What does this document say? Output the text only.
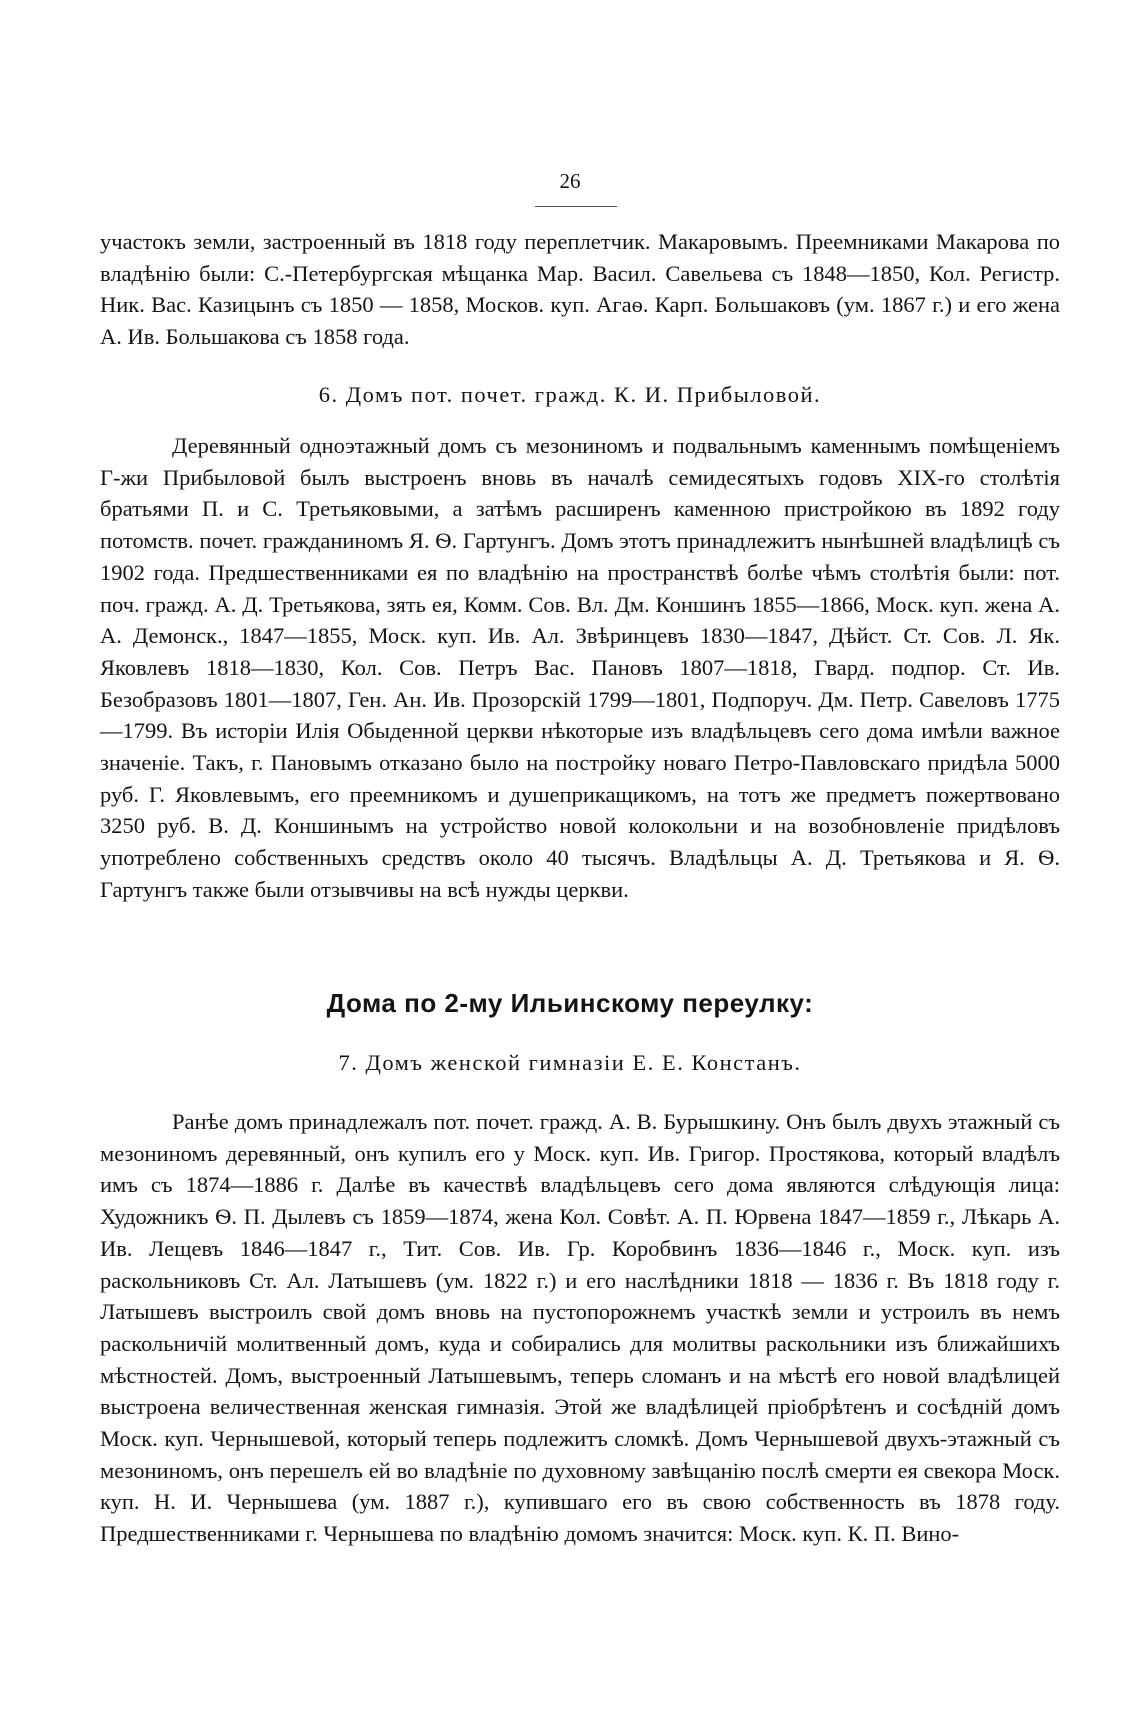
26

участокъ земли, застроенный въ 1818 году переплетчик. Макаровымъ. Преемниками Макарова по владѣнію были: С.-Петербургская мѣщанка Мар. Васил. Савельева съ 1848—1850, Кол. Регистр. Ник. Вас. Казицынъ съ 1850 — 1858, Москов. куп. Агаѳ. Карп. Большаковъ (ум. 1867 г.) и его жена А. Ив. Большакова съ 1858 года.

6. Домъ пот. почет. гражд. К. И. Прибыловой.

Деревянный одноэтажный домъ съ мезониномъ и подвальнымъ каменнымъ помѣщеніемъ Г-жи Прибыловой былъ выстроенъ вновь въ началѣ семидесятыхъ годовъ XIX-го столѣтія братьями П. и С. Третьяковыми, а затѣмъ расширенъ каменною пристройкою въ 1892 году потомств. почет. гражданиномъ Я. Ѳ. Гартунгъ. Домъ этотъ принадлежитъ нынѣшней владѣлицѣ съ 1902 года. Предшественниками ея по владѣнію на пространствѣ болѣе чѣмъ столѣтія были: пот. поч. гражд. А. Д. Третьякова, зять ея, Комм. Сов. Вл. Дм. Коншинъ 1855—1866, Моск. куп. жена А. А. Демонск., 1847—1855, Моск. куп. Ив. Ал. Звѣринцевъ 1830—1847, Дѣйст. Ст. Сов. Л. Як. Яковлевъ 1818—1830, Кол. Сов. Петръ Вас. Пановъ 1807—1818, Гвард. подпор. Ст. Ив. Безобразовъ 1801—1807, Ген. Ан. Ив. Прозорскій 1799—1801, Подпоруч. Дм. Петр. Савеловъ 1775—1799. Въ исторіи Илія Обыденной церкви нѣкоторые изъ владѣльцевъ сего дома имѣли важное значеніе. Такъ, г. Пановымъ отказано было на постройку новаго Петро-Павловскаго придѣла 5000 руб. Г. Яковлевымъ, его преемникомъ и душеприкащикомъ, на тотъ же предметъ пожертвовано 3250 руб. В. Д. Коншинымъ на устройство новой колокольни и на возобновленіе придѣловъ употреблено собственныхъ средствъ около 40 тысячъ. Владѣльцы А. Д. Третьякова и Я. Ѳ. Гартунгъ также были отзывчивы на всѣ нужды церкви.

Дома по 2-му Ильинскому переулку:
7. Домъ женской гимназіи Е. Е. Констанъ.

Ранѣе домъ принадлежалъ пот. почет. гражд. А. В. Бурышкину. Онъ былъ двухъ этажный съ мезониномъ деревянный, онъ купилъ его у Моск. куп. Ив. Григор. Простякова, который владѣлъ имъ съ 1874—1886 г. Далѣе въ качествѣ владѣльцевъ сего дома являются слѣдующія лица: Художникъ Ѳ. П. Дылевъ съ 1859—1874, жена Кол. Совѣт. А. П. Юрвена 1847—1859 г., Лѣкарь А. Ив. Лещевъ 1846—1847 г., Тит. Сов. Ив. Гр. Коробвинъ 1836—1846 г., Моск. куп. изъ раскольниковъ Ст. Ал. Латышевъ (ум. 1822 г.) и его наслѣдники 1818 — 1836 г. Въ 1818 году г. Латышевъ выстроилъ свой домъ вновь на пустопорожнемъ участкѣ земли и устроилъ въ немъ раскольничій молитвенный домъ, куда и собирались для молитвы раскольники изъ ближайшихъ мѣстностей. Домъ, выстроенный Латышевымъ, теперь сломанъ и на мѣстѣ его новой владѣлицей выстроена величественная женская гимназія. Этой же владѣлицей пріобрѣтенъ и сосѣдній домъ Моск. куп. Чернышевой, который теперь подлежитъ сломкѣ. Домъ Чернышевой двухъ-этажный съ мезониномъ, онъ перешелъ ей во владѣніе по духовному завѣщанію послѣ смерти ея свекора Моск. куп. Н. И. Чернышева (ум. 1887 г.), купившаго его въ свою собственность въ 1878 году. Предшественниками г. Чернышева по владѣнію домомъ значится: Моск. куп. К. П. Вино-
